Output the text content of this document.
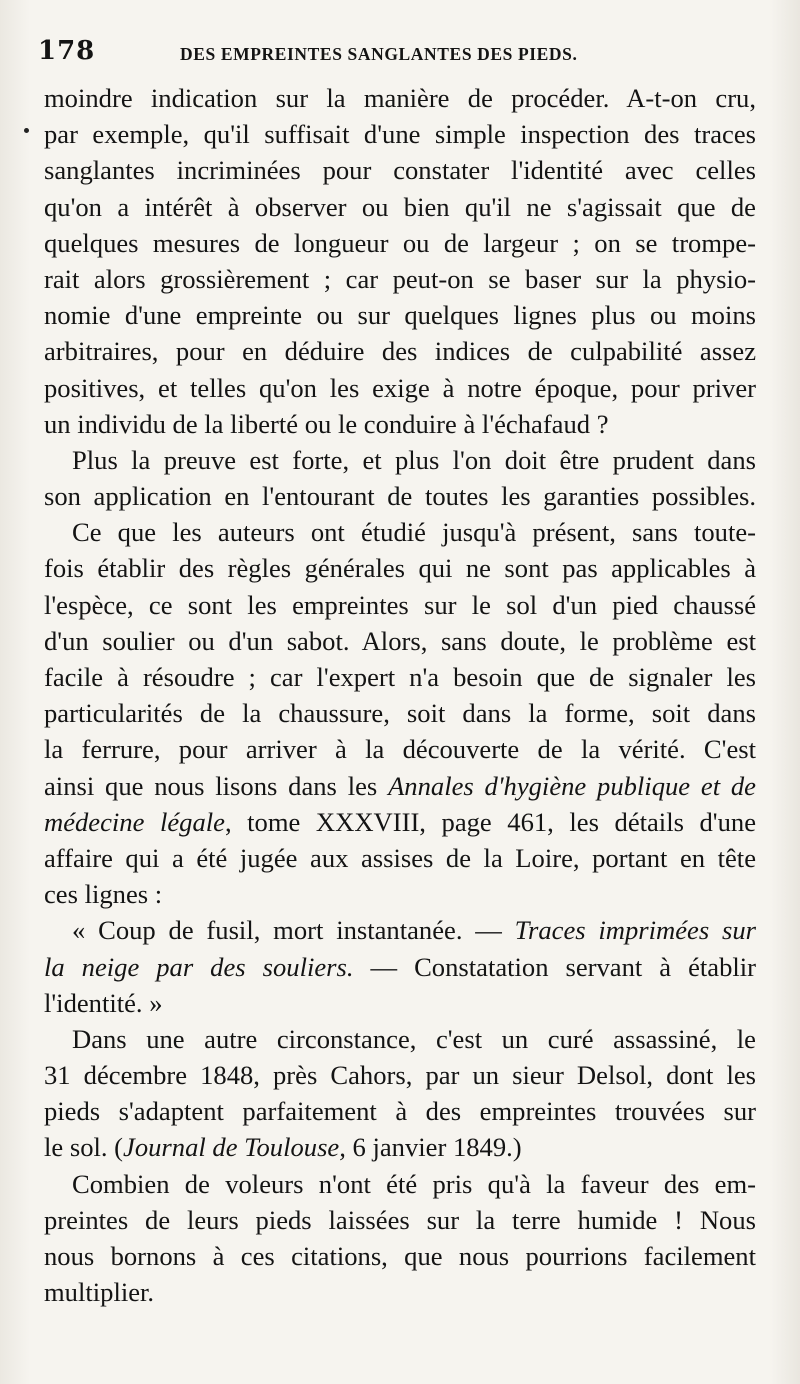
178	DES EMPREINTES SANGLANTES DES PIEDS.
moindre indication sur la manière de procéder. A-t-on cru,
par exemple, qu'il suffisait d'une simple inspection des traces
sanglantes incriminées pour constater l'identité avec celles
qu'on a intérêt à observer ou bien qu'il ne s'agissait que de
quelques mesures de longueur ou de largeur ; on se trompe-
rait alors grossièrement ; car peut-on se baser sur la physio-
nomie d'une empreinte ou sur quelques lignes plus ou moins
arbitraires, pour en déduire des indices de culpabilité assez
positives, et telles qu'on les exige à notre époque, pour priver
un individu de la liberté ou le conduire à l'échafaud ?
Plus la preuve est forte, et plus l'on doit être prudent dans
son application en l'entourant de toutes les garanties possibles.
Ce que les auteurs ont étudié jusqu'à présent, sans toute-
fois établir des règles générales qui ne sont pas applicables à
l'espèce, ce sont les empreintes sur le sol d'un pied chaussé
d'un soulier ou d'un sabot. Alors, sans doute, le problème est
facile à résoudre ; car l'expert n'a besoin que de signaler les
particularités de la chaussure, soit dans la forme, soit dans
la ferrure, pour arriver à la découverte de la vérité. C'est
ainsi que nous lisons dans les Annales d'hygiène publique et de
médecine légale, tome XXXVIII, page 461, les détails d'une
affaire qui a été jugée aux assises de la Loire, portant en tête
ces lignes :
« Coup de fusil, mort instantanée. — Traces imprimées sur
la neige par des souliers. — Constatation servant à établir
l'identité. »
Dans une autre circonstance, c'est un curé assassiné, le
31 décembre 1848, près Cahors, par un sieur Delsol, dont les
pieds s'adaptent parfaitement à des empreintes trouvées sur
le sol. (Journal de Toulouse, 6 janvier 1849.)
Combien de voleurs n'ont été pris qu'à la faveur des em-
preintes de leurs pieds laissées sur la terre humide ! Nous
nous bornons à ces citations, que nous pourrions facilement
multiplier.
